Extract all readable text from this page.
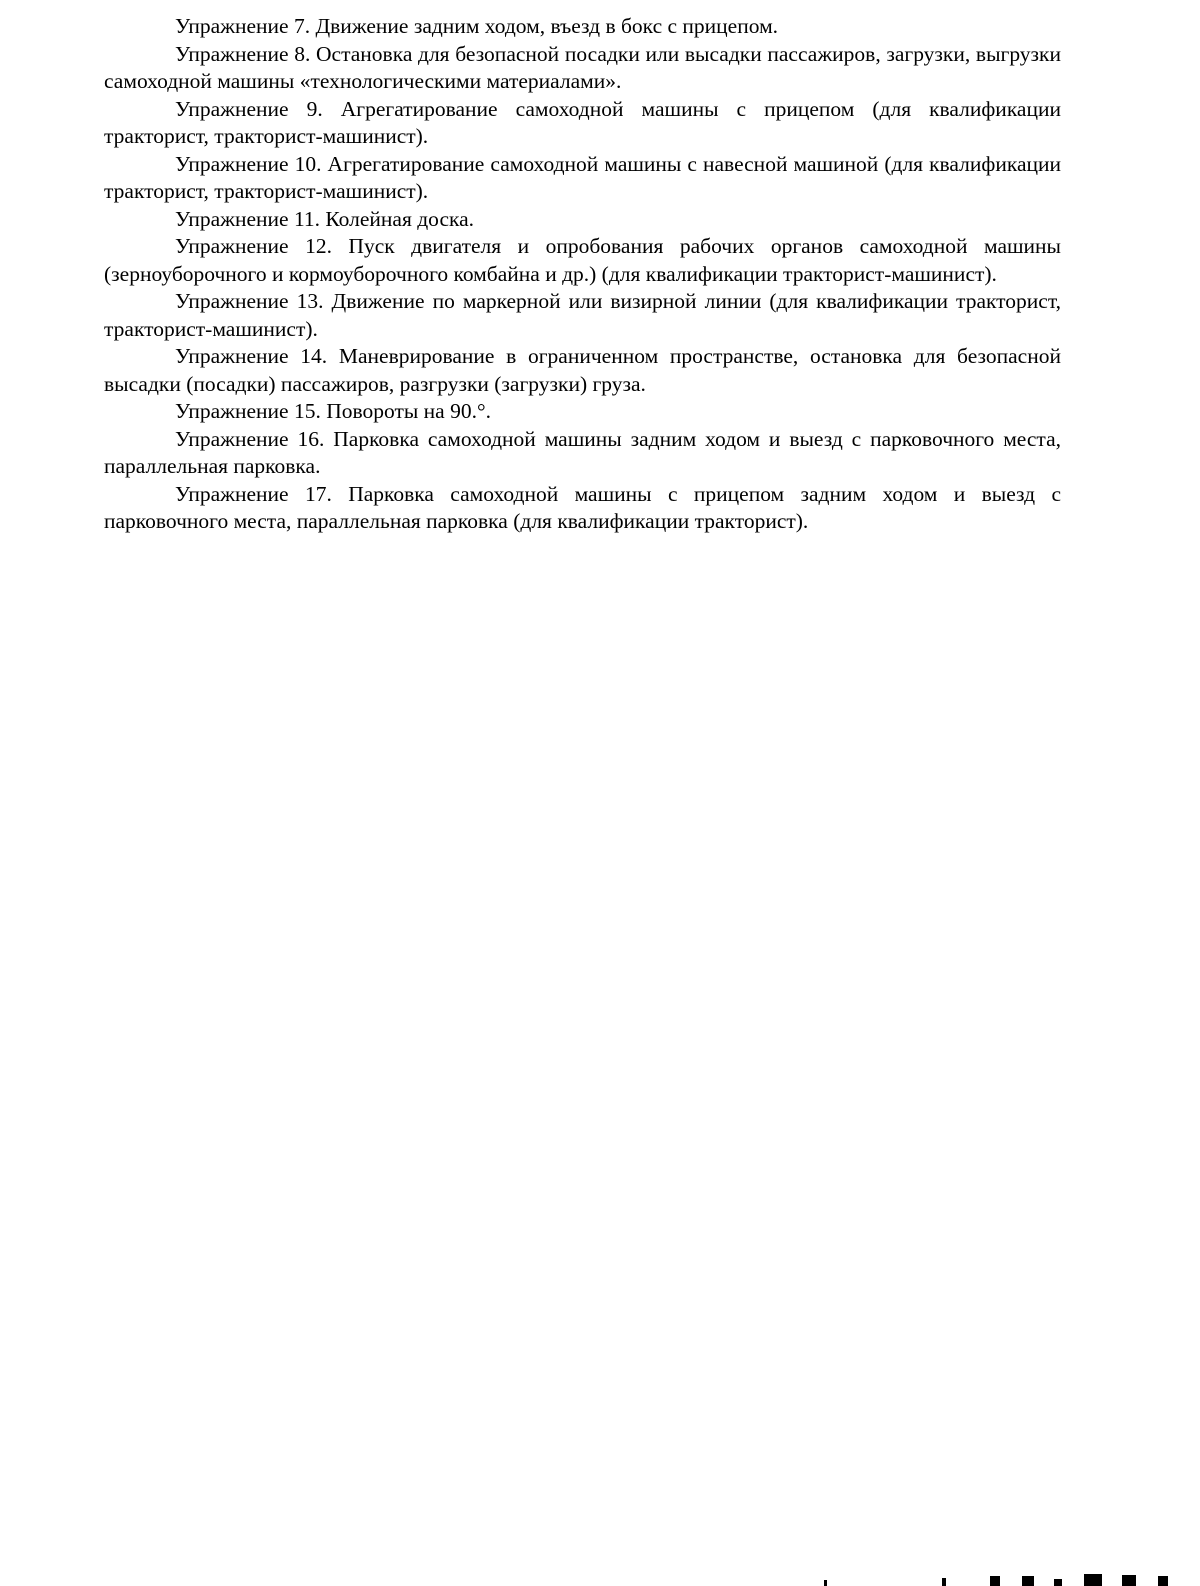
Упражнение 7. Движение задним ходом, въезд в бокс с прицепом.

Упражнение 8. Остановка для безопасной посадки или высадки пассажиров, загрузки, выгрузки самоходной машины «технологическими материалами».

Упражнение 9. Агрегатирование самоходной машины с прицепом (для квалификации тракторист, тракторист-машинист).

Упражнение 10. Агрегатирование самоходной машины с навесной машиной (для квалификации тракторист, тракторист-машинист).

Упражнение 11. Колейная доска.

Упражнение 12. Пуск двигателя и опробования рабочих органов самоходной машины (зерноуборочного и кормоуборочного комбайна и др.) (для квалификации тракторист-машинист).

Упражнение 13. Движение по маркерной или визирной линии (для квалификации тракторист, тракторист-машинист).

Упражнение 14. Маневрирование в ограниченном пространстве, остановка для безопасной высадки (посадки) пассажиров, разгрузки (загрузки) груза.

Упражнение 15. Повороты на 90.°.

Упражнение 16. Парковка самоходной машины задним ходом и выезд с парковочного места, параллельная парковка.

Упражнение 17. Парковка самоходной машины с прицепом задним ходом и выезд с парковочного места, параллельная парковка (для квалификации тракторист).
